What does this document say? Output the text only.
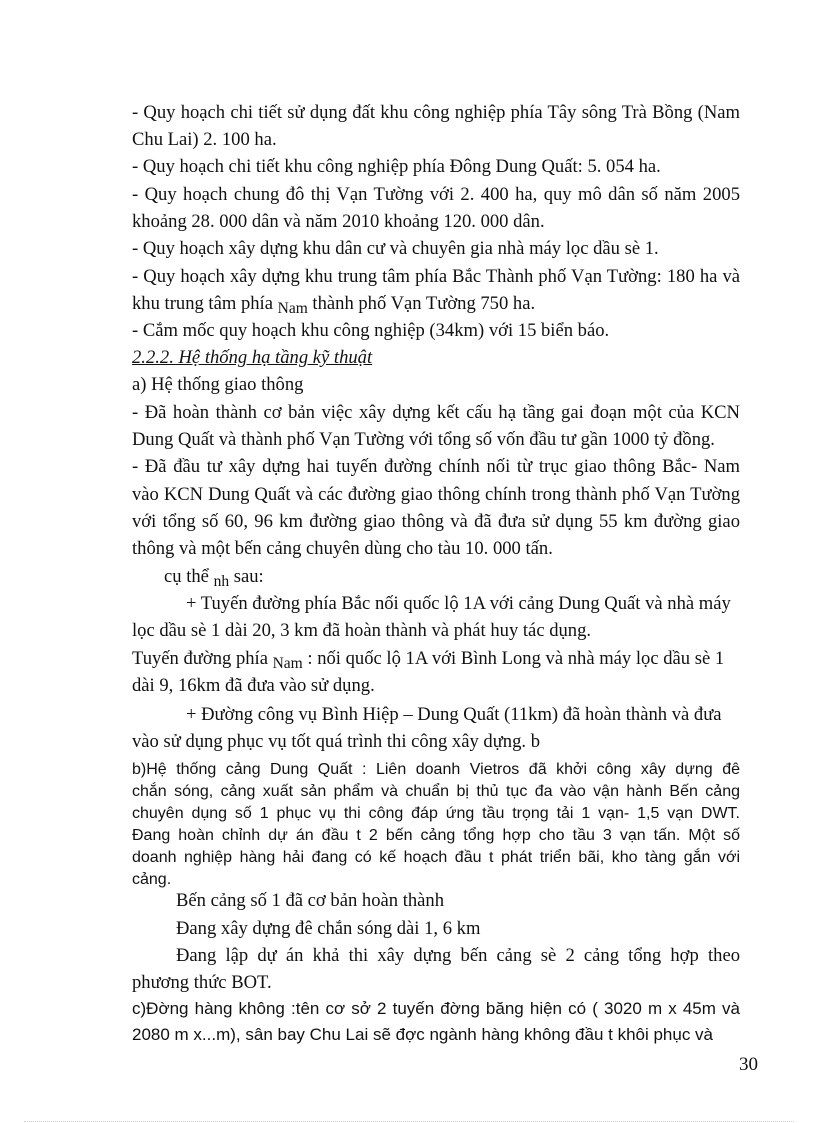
- Quy hoạch chi tiết sử dụng đất khu công nghiệp phía Tây sông Trà Bồng (Nam

Chu Lai) 2. 100 ha.

- Quy hoạch chi tiết khu công nghiệp phía Đông Dung Quất: 5. 054 ha.

- Quy hoạch chung đô thị Vạn Tường với 2. 400 ha, quy mô dân số năm 2005

khoảng 28. 000 dân và năm 2010 khoảng 120. 000 dân.

- Quy hoạch xây dựng khu dân cư và chuyên gia nhà máy lọc dầu sè 1.

- Quy hoạch xây dựng khu trung tâm phía Bắc Thành phố Vạn Tường: 180 ha và

khu trung tâm phía $_{Nam}$ thành phố Vạn Tường 750 ha.

- Cắm mốc quy hoạch khu công nghiệp (34km) với 15 biển báo.

2.2.2. Hệ thống hạ tầng kỹ thuật

a) Hệ thống giao thông

- Đã hoàn thành cơ bản việc xây dựng kết cấu hạ tầng gai đoạn một của KCN

Dung Quất và thành phố Vạn Tường với tổng số vốn đầu tư gần 1000 tỷ đồng.

- Đã đầu tư xây dựng hai tuyến đường chính nối từ trục giao thông Bắc- Nam

vào KCN Dung Quất và các đường giao thông chính trong thành phố Vạn Tường

với tổng số 60, 96 km đường giao thông và đã đưa sử dụng 55 km đường giao

thông và một bến cảng chuyên dùng cho tàu 10. 000 tấn.

cụ thể $_{nh}$ sau:

+ Tuyến đường phía Bắc nối quốc lộ 1A với cảng Dung Quất và nhà máy

lọc dầu sè 1 dài 20, 3 km đã hoàn thành và phát huy tác dụng.

Tuyến đường phía $_{Nam}$ : nối quốc lộ 1A với Bình Long và nhà máy lọc dầu sè 1

dài 9, 16km đã đưa vào sử dụng.

+ Đường công vụ Bình Hiệp – Dung Quất (11km) đã hoàn thành và đưa

vào sử dụng phục vụ tốt quá trình thi công xây dựng. b

b)Hệ thống cảng Dung Quất : Liên doanh Vietros đã khởi công xây dựng đê

chắn sóng, cảng xuất sản phẩm và chuẩn bị thủ tục đa vào vận hành Bến cảng

chuyên dụng số 1 phục vụ thi công đáp ứng tầu trọng tải 1 vạn- 1,5 vạn DWT.

Đang hoàn chỉnh dự án đầu t 2 bến cảng tổng hợp cho tầu 3 vạn tấn. Một số

doanh nghiệp hàng hải đang có kế hoạch đầu t phát triển bãi, kho tàng gắn với

cảng.

Bến cảng số 1 đã cơ bản hoàn thành

Đang xây dựng đê chắn sóng dài 1, 6 km

Đang lập dự án khả thi xây dựng bến cảng sè 2 cảng tổng hợp theo

phương thức BOT.

c)Đờng hàng không :tên cơ sở 2 tuyến đờng băng hiện có ( 3020 m x 45m và

2080 m x...m), sân bay Chu Lai sẽ đợc ngành hàng không đầu t khôi phục và

30
